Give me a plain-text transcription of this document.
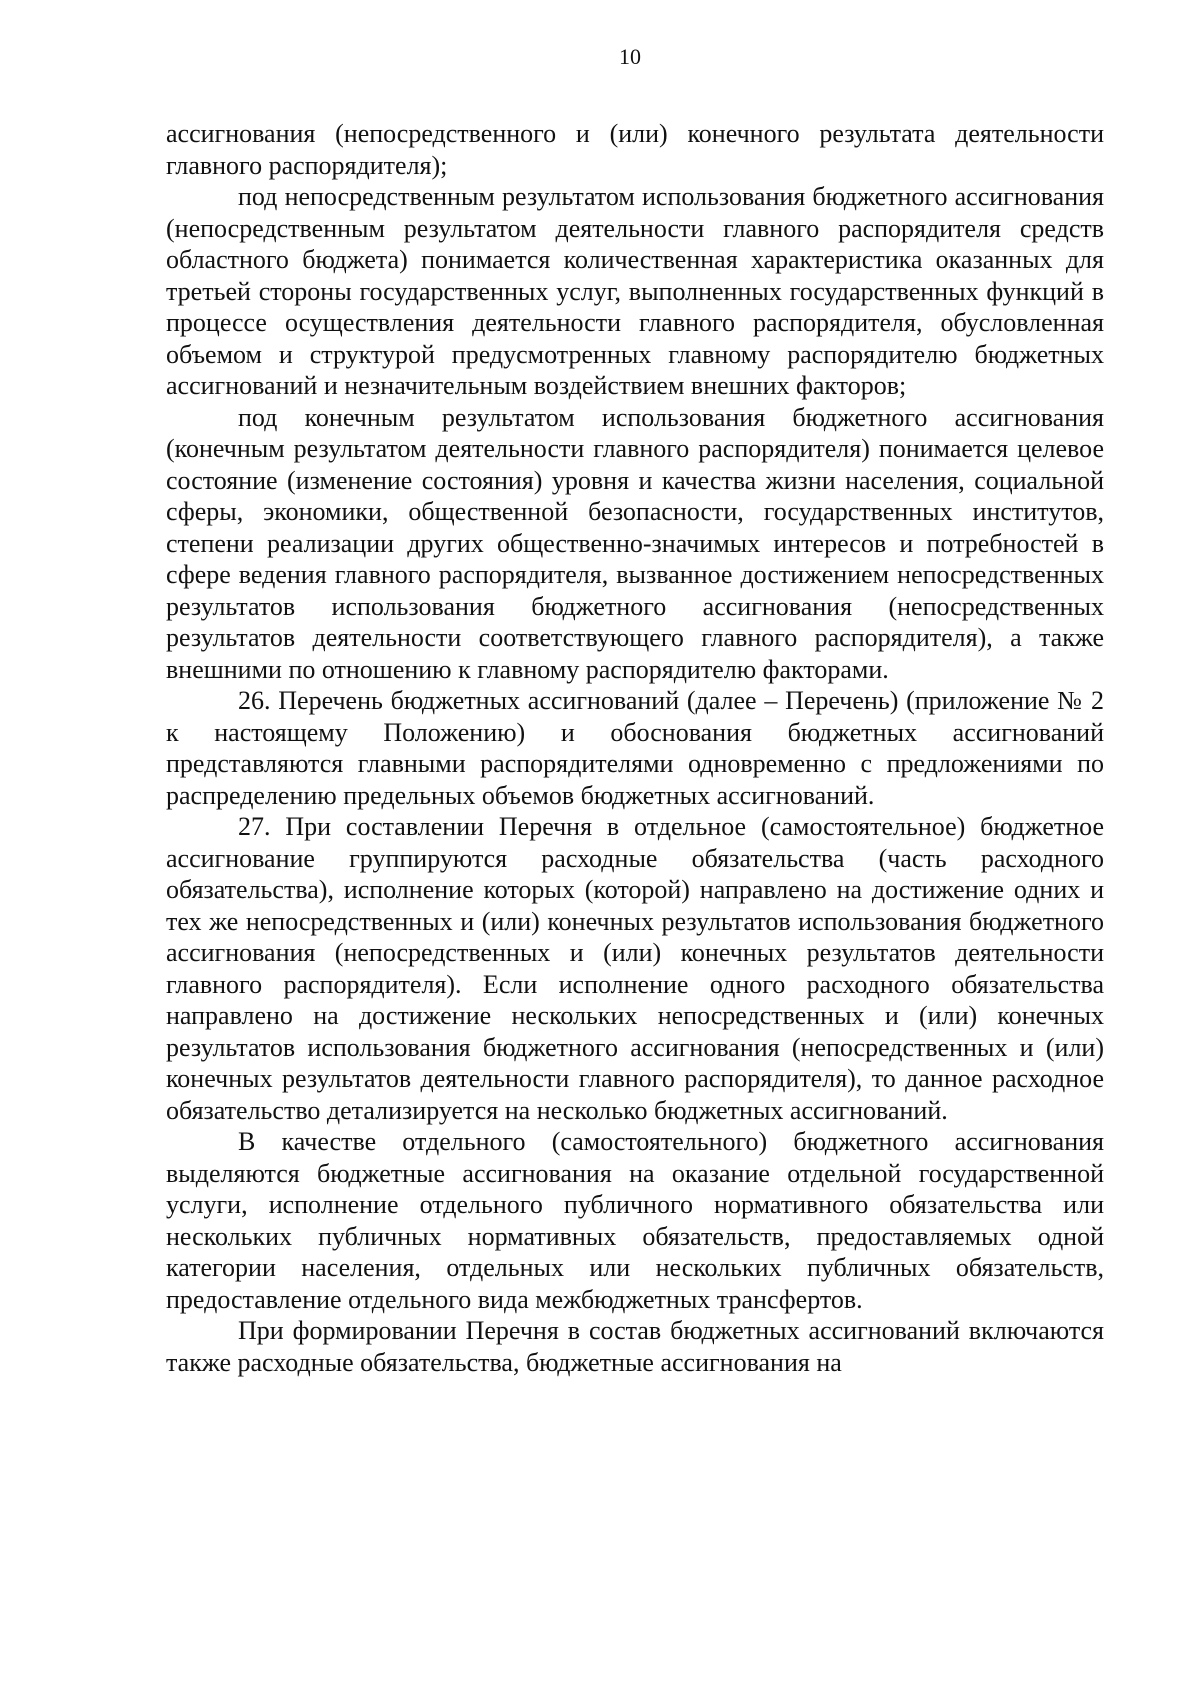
10

ассигнования (непосредственного и (или) конечного результата деятельности главного распорядителя);

под непосредственным результатом использования бюджетного ассигнования (непосредственным результатом деятельности главного распорядителя средств областного бюджета) понимается количественная характеристика оказанных для третьей стороны государственных услуг, выполненных государственных функций в процессе осуществления деятельности главного распорядителя, обусловленная объемом и структурой предусмотренных главному распорядителю бюджетных ассигнований и незначительным воздействием внешних факторов;

под конечным результатом использования бюджетного ассигнования (конечным результатом деятельности главного распорядителя) понимается целевое состояние (изменение состояния) уровня и качества жизни населения, социальной сферы, экономики, общественной безопасности, государственных институтов, степени реализации других общественно-значимых интересов и потребностей в сфере ведения главного распорядителя, вызванное достижением непосредственных результатов использования бюджетного ассигнования (непосредственных результатов деятельности соответствующего главного распорядителя), а также внешними по отношению к главному распорядителю факторами.

26. Перечень бюджетных ассигнований (далее – Перечень) (приложение № 2 к настоящему Положению) и обоснования бюджетных ассигнований представляются главными распорядителями одновременно с предложениями по распределению предельных объемов бюджетных ассигнований.

27. При составлении Перечня в отдельное (самостоятельное) бюджетное ассигнование группируются расходные обязательства (часть расходного обязательства), исполнение которых (которой) направлено на достижение одних и тех же непосредственных и (или) конечных результатов использования бюджетного ассигнования (непосредственных и (или) конечных результатов деятельности главного распорядителя). Если исполнение одного расходного обязательства направлено на достижение нескольких непосредственных и (или) конечных результатов использования бюджетного ассигнования (непосредственных и (или) конечных результатов деятельности главного распорядителя), то данное расходное обязательство детализируется на несколько бюджетных ассигнований.

В качестве отдельного (самостоятельного) бюджетного ассигнования выделяются бюджетные ассигнования на оказание отдельной государственной услуги, исполнение отдельного публичного нормативного обязательства или нескольких публичных нормативных обязательств, предоставляемых одной категории населения, отдельных или нескольких публичных обязательств, предоставление отдельного вида межбюджетных трансфертов.

При формировании Перечня в состав бюджетных ассигнований включаются также расходные обязательства, бюджетные ассигнования на
